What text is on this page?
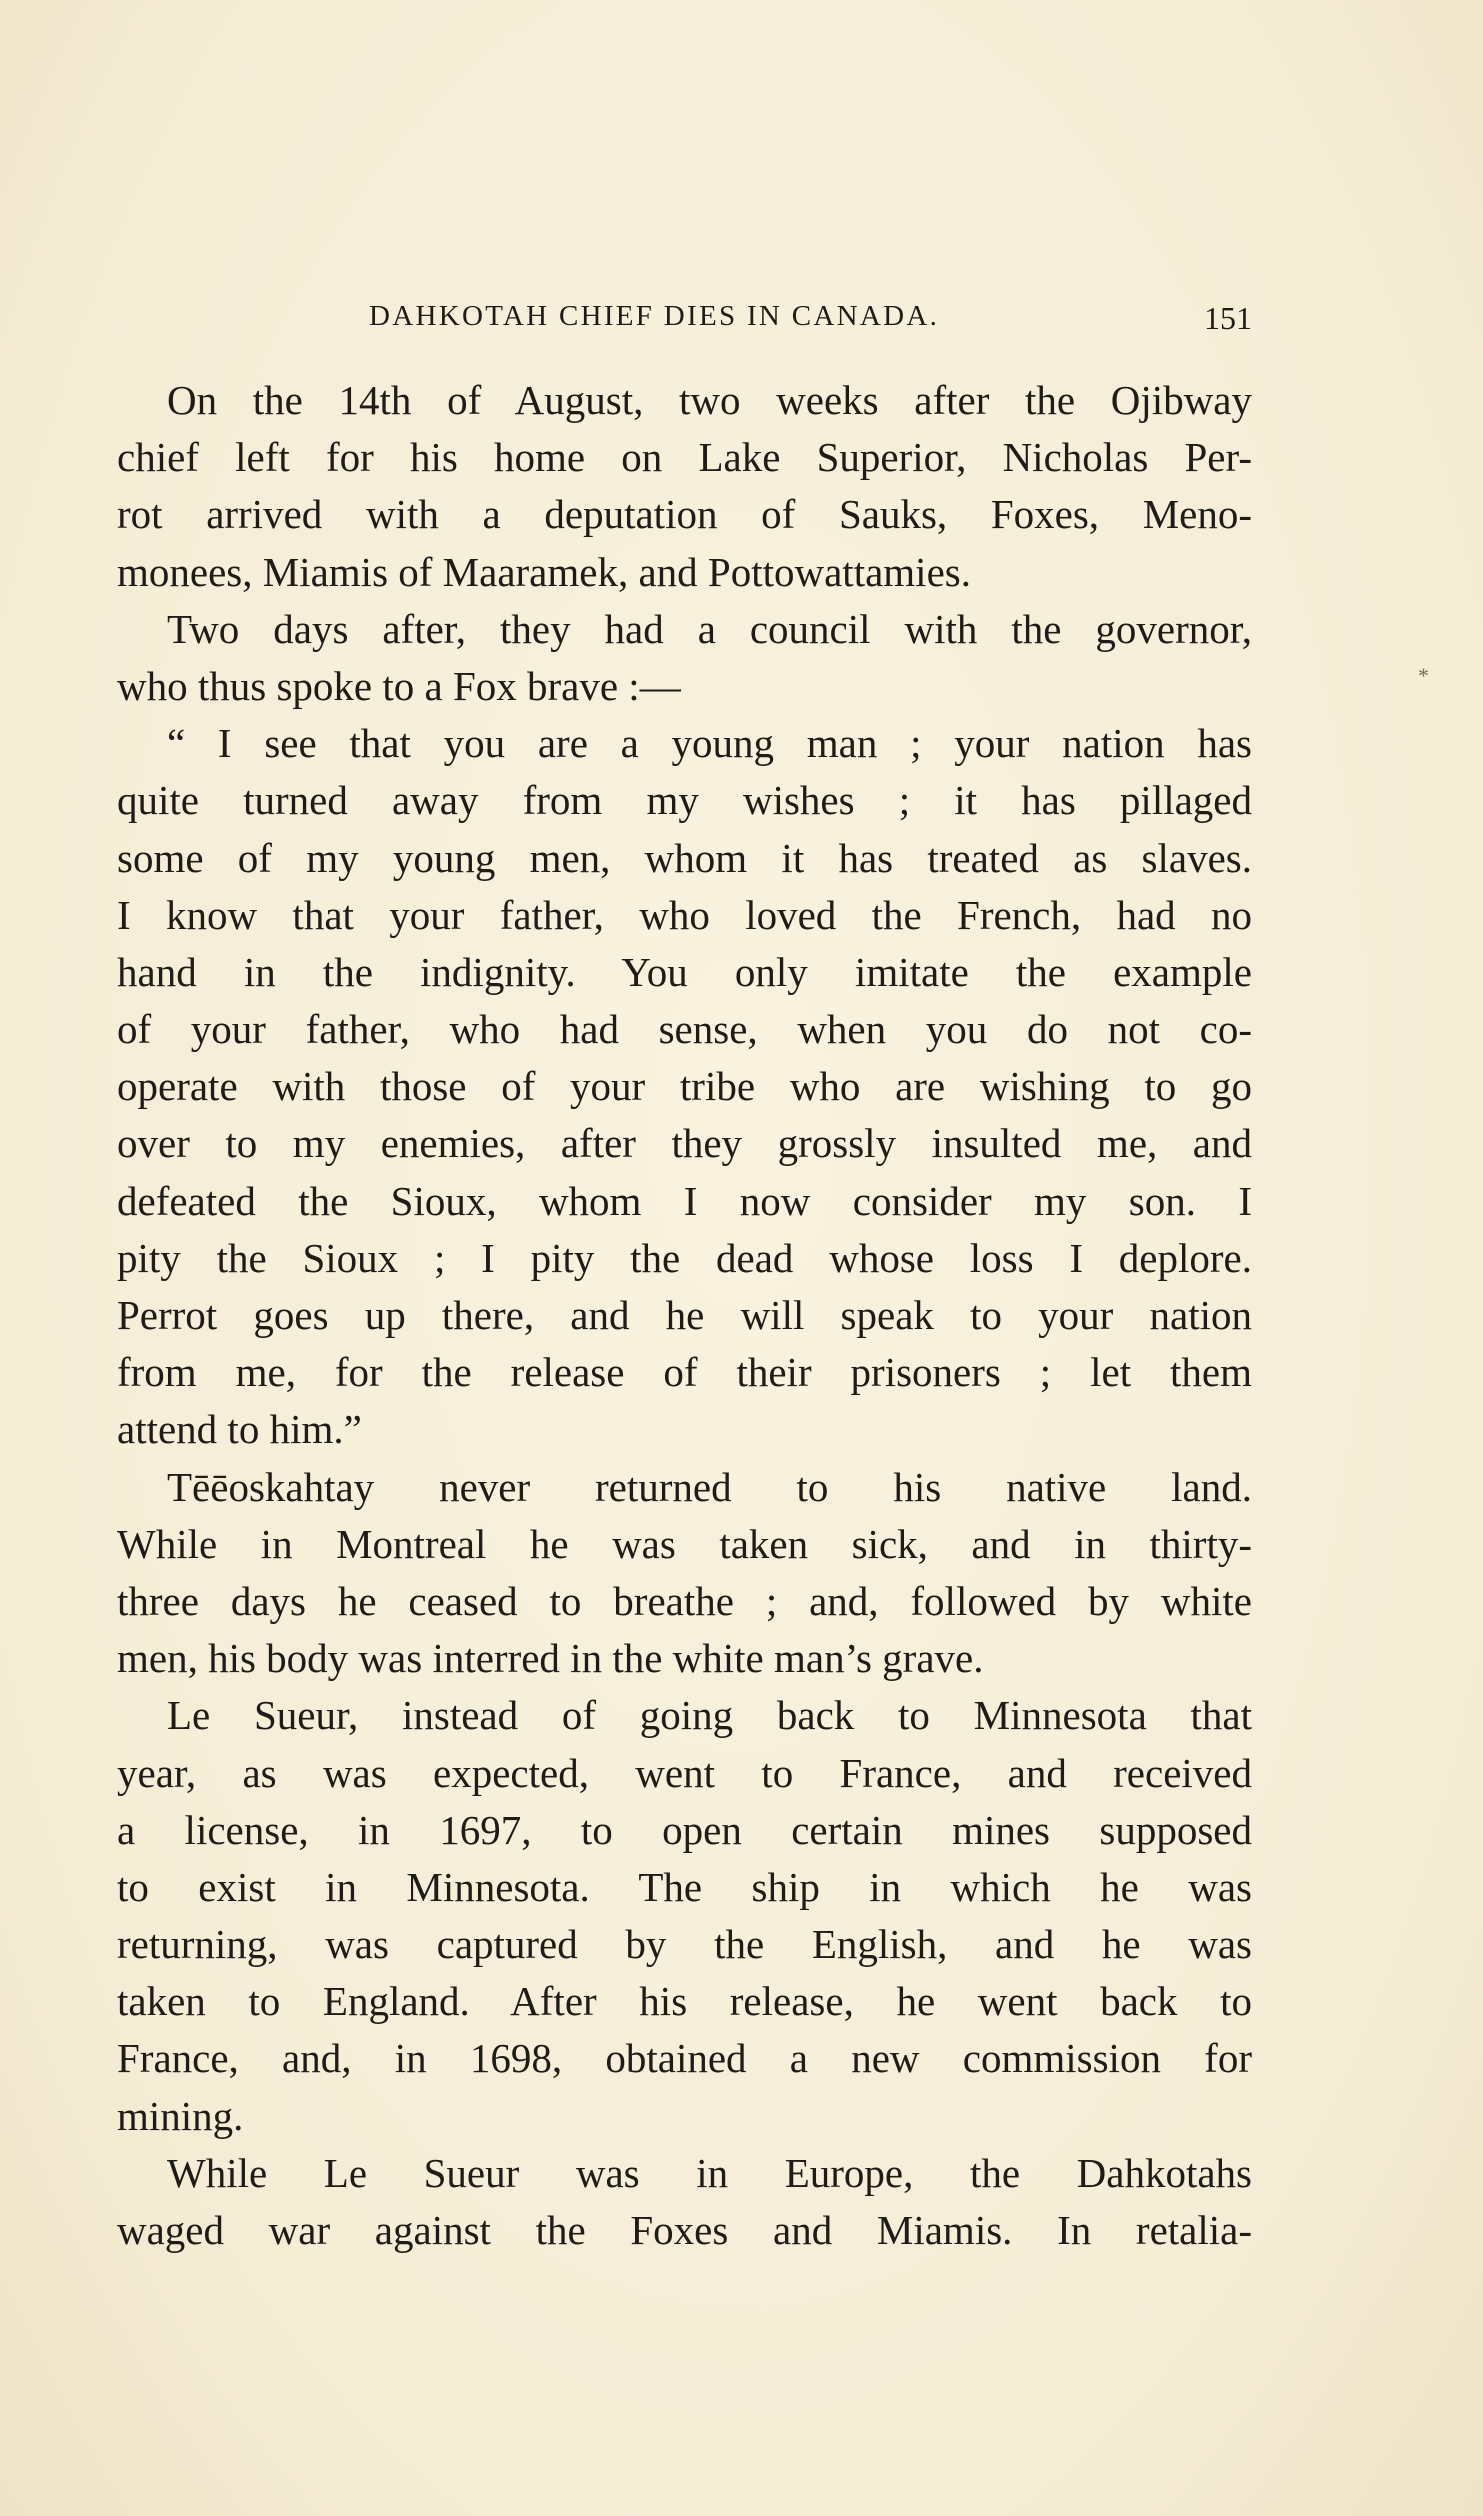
DAHKOTAH CHIEF DIES IN CANADA.	151
*
On the 14th of August, two weeks after the Ojibway
chief left for his home on Lake Superior, Nicholas Per-
rot arrived with a deputation of Sauks, Foxes, Meno-
monees, Miamis of Maaramek, and Pottowattamies.
Two days after, they had a council with the governor,
who thus spoke to a Fox brave :—
“ I see that you are a young man ; your nation has
quite turned away from my wishes ; it has pillaged
some of my young men, whom it has treated as slaves.
I know that your father, who loved the French, had no
hand in the indignity. You only imitate the example
of your father, who had sense, when you do not co-
operate with those of your tribe who are wishing to go
over to my enemies, after they grossly insulted me, and
defeated the Sioux, whom I now consider my son. I
pity the Sioux ; I pity the dead whose loss I deplore.
Perrot goes up there, and he will speak to your nation
from me, for the release of their prisoners ; let them
attend to him.”
Tēēoskahtay never returned to his native land.
While in Montreal he was taken sick, and in thirty-
three days he ceased to breathe ; and, followed by white
men, his body was interred in the white man’s grave.
Le Sueur, instead of going back to Minnesota that
year, as was expected, went to France, and received
a license, in 1697, to open certain mines supposed
to exist in Minnesota. The ship in which he was
returning, was captured by the English, and he was
taken to England. After his release, he went back to
France, and, in 1698, obtained a new commission for
mining.
While Le Sueur was in Europe, the Dahkotahs
waged war against the Foxes and Miamis. In retalia-
